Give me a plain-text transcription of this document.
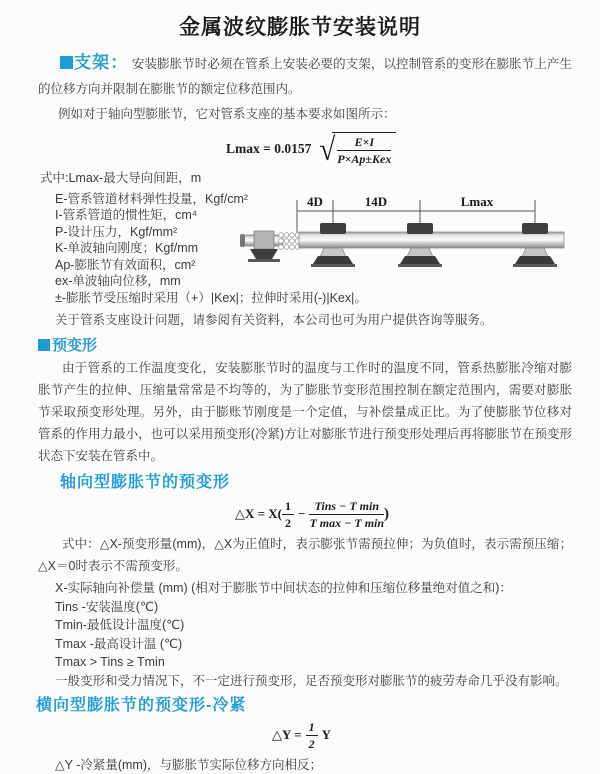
金属波纹膨胀节安装说明

支架： 安装膨胀节时必须在管系上安装必要的支架，以控制管系的变形在膨胀节上产生的位移方向并限制在膨胀节的额定位移范围内。

例如对于轴向型膨胀节，它对管系支座的基本要求如图所示：

Lmax = 0.0157 √ $\frac{E\times I}{\text{P×Ap±Kex}}$
式中:Lmax-最大导向间距，m
E-管系管道材料弹性投量，Kgf/cm²
I-管系管道的惯性矩，cm⁴
P-设计压力，Kgf/mm²
K-单波轴向刚度；Kgf/mm
Ap-膨胀节有效面积，cm²
ex-单波轴向位移，mm
±-膨胀节受压缩时采用（+）|Kex|；拉伸时采用(-)|Kex|。

关于管系支座设计问题，请参阅有关资料，本公司也可为用户提供咨询等服务。

4D	14D	Lmax
预变形

由于管系的工作温度变化，安装膨胀节时的温度与工作时的温度不同，管系热膨胀冷缩对膨胀节产生的拉伸、压缩量常常是不均等的，为了膨胀节变形范围控制在额定范围内，需要对膨胀节采取预变形处理。另外，由于膨账节刚度是一个定值，与补偿量成正比。为了使膨胀节位移对管系的作用力最小，也可以采用预变形(冷紧)方让对膨胀节进行预变形处理后再将膨胀节在预变形状态下安装在管系中。

轴向型膨胀节的预变形
△X = $X( \frac{1}{2} - \frac{\text{Tins − T min}}{\text{T max − T min}}$ )

式中：△X-预变形量(mm)，△X为正值时，表示膨张节需预拉伸；为负值时，表示需预压缩；△X＝0时表示不需预变形。

X-实际轴向补偿量 (mm) (相对于膨胀节中间状态的拉伸和压缩位移量绝对值之和)：
Tins -安装温度(℃)
Tmin-最低设计温度(℃)
Tmax -最高设计温 (℃)
Tmax > Tins ≥ Tmin
一般变形和受力情况下，不一定进行预变形，足否预变形对膨胀节的疲劳寿命几乎没有影响。
横向型膨胀节的预变形-冷紧
△Y = $\frac{1}{2}$ Y

△Y -冷紧量(mm)，与膨胀节实际位移方向相反；
